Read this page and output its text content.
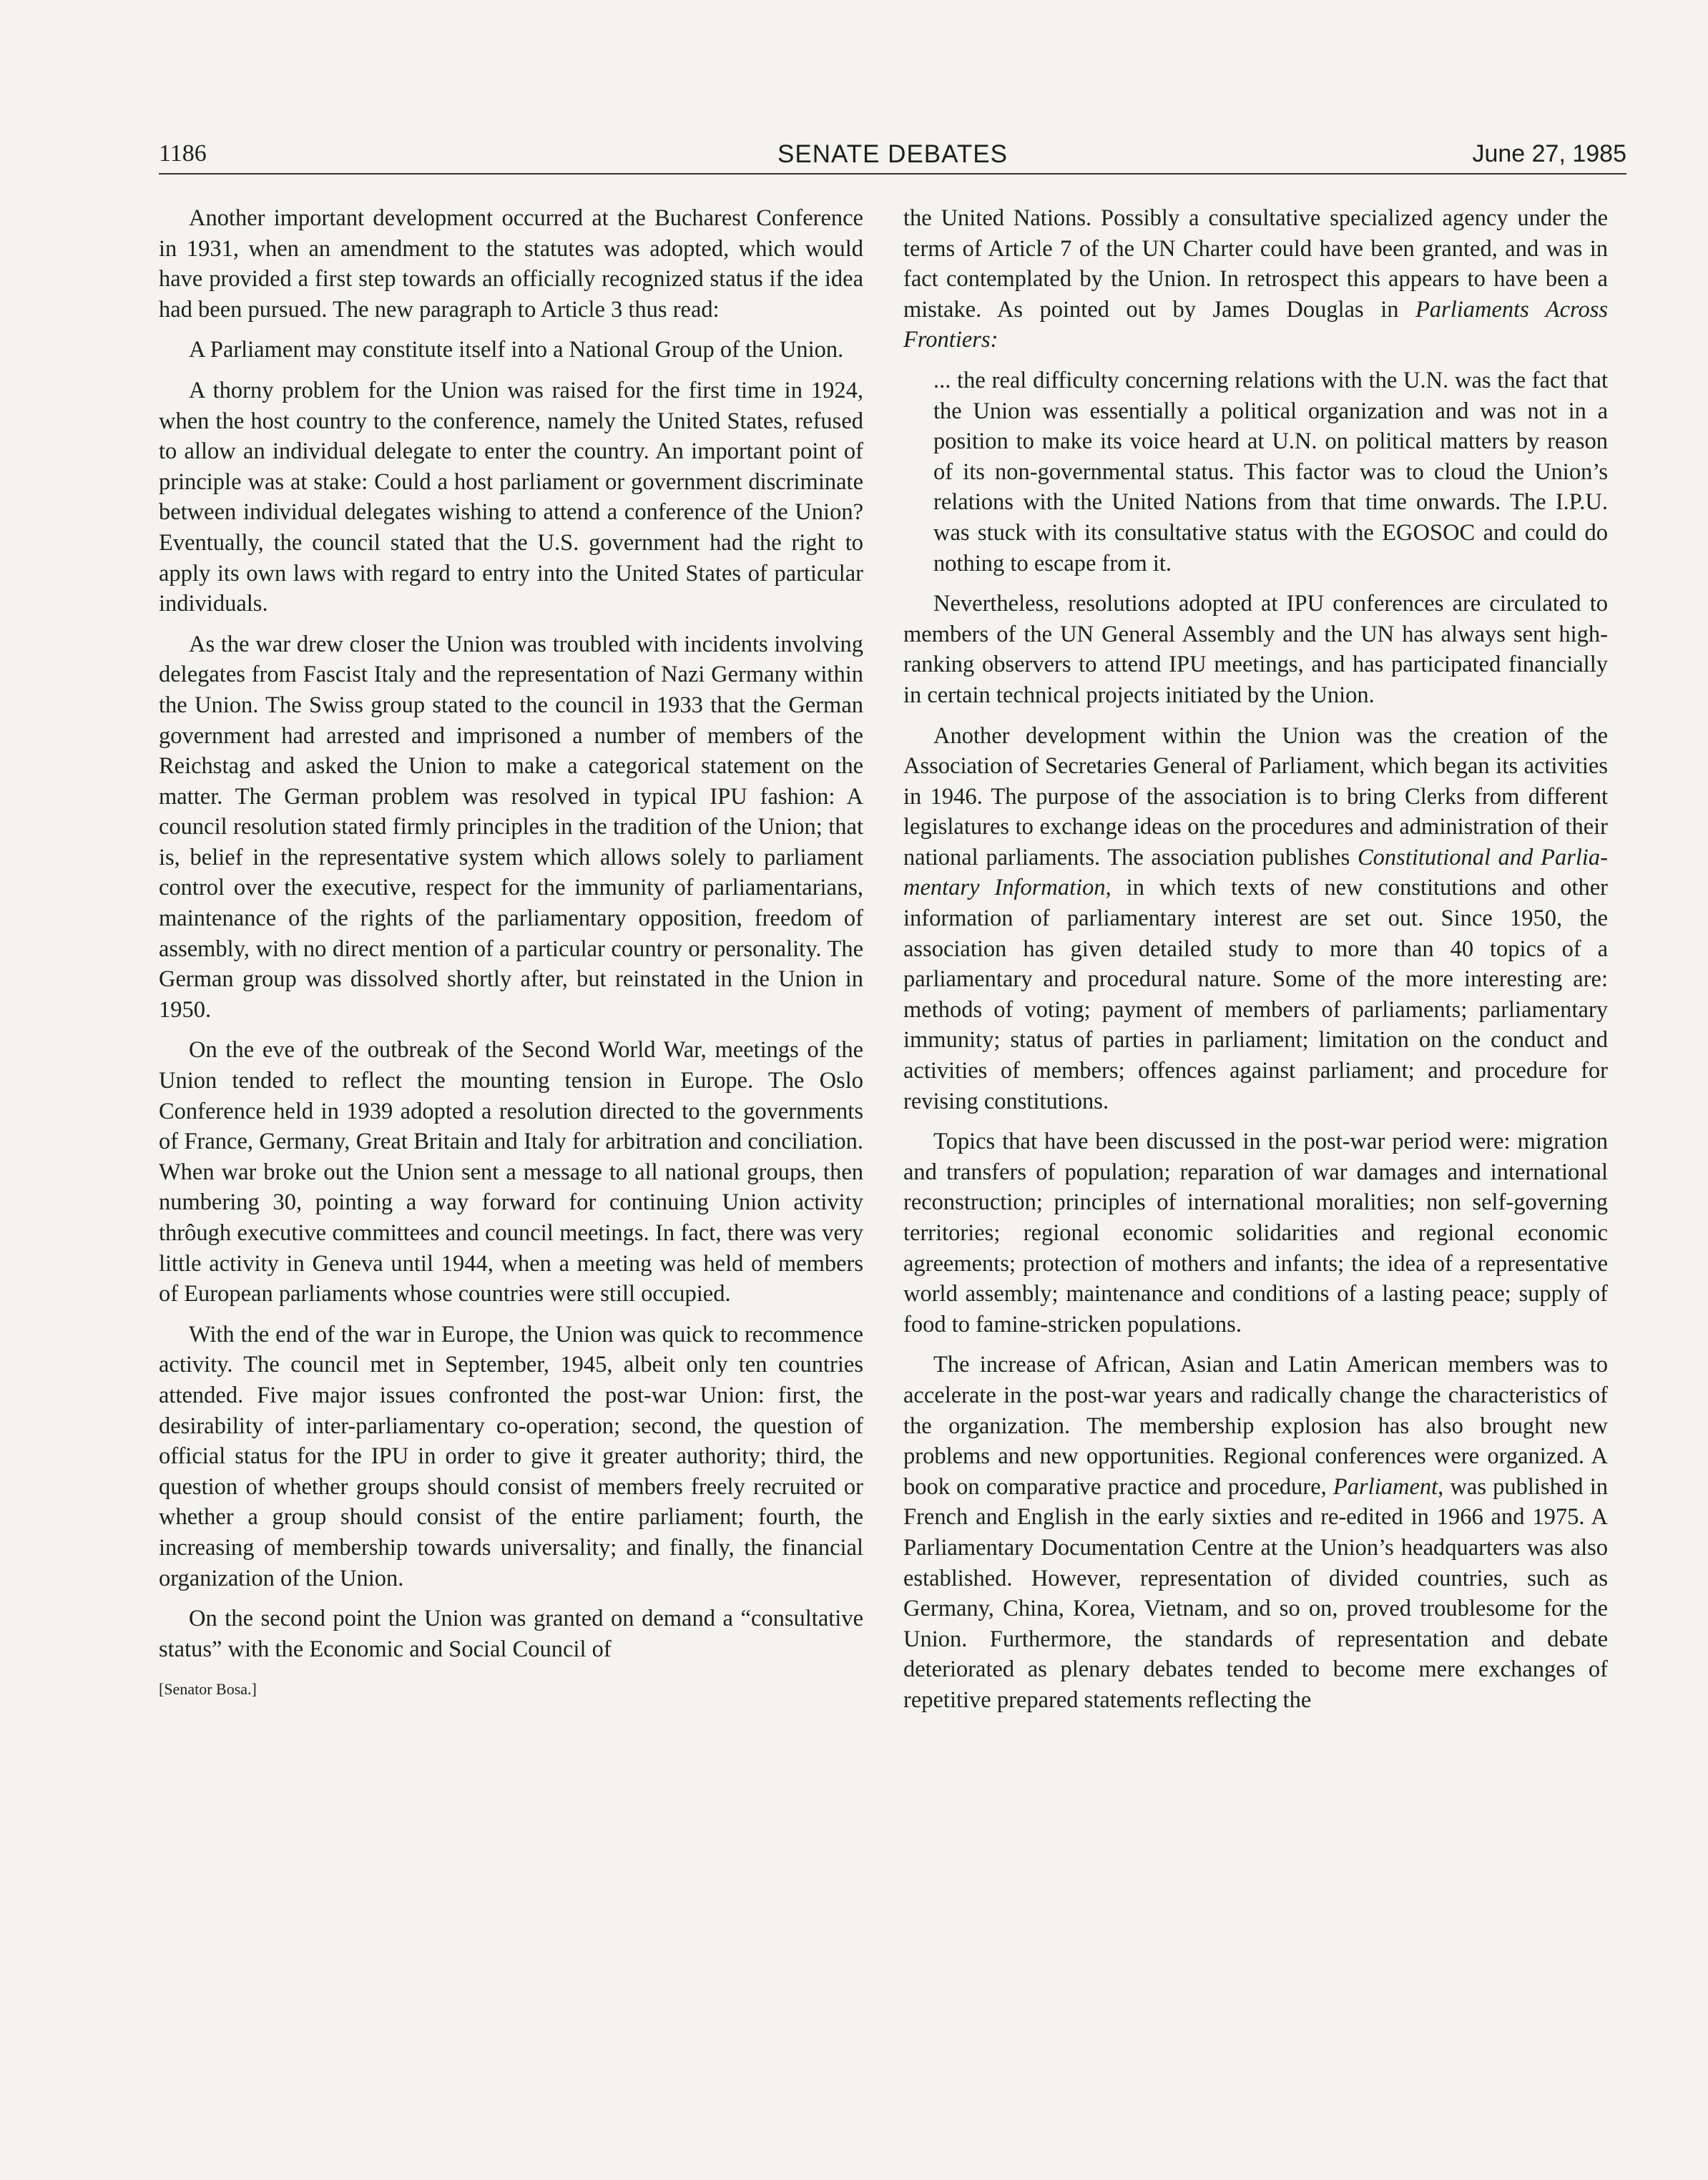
1186	SENATE DEBATES	June 27, 1985

Another important development occurred at the Bucharest Conference in 1931, when an amendment to the statutes was adopted, which would have provided a first step towards an officially recognized status if the idea had been pursued. The new paragraph to Article 3 thus read:

A Parliament may constitute itself into a National Group of the Union.

A thorny problem for the Union was raised for the first time in 1924, when the host country to the conference, namely the United States, refused to allow an individual delegate to enter the country. An important point of principle was at stake: Could a host parliament or government discriminate between individual delegates wishing to attend a conference of the Union? Eventually, the council stated that the U.S. government had the right to apply its own laws with regard to entry into the United States of particular individuals.

As the war drew closer the Union was troubled with incidents involving delegates from Fascist Italy and the representation of Nazi Germany within the Union. The Swiss group stated to the council in 1933 that the German government had arrested and imprisoned a number of members of the Reichstag and asked the Union to make a categorical statement on the matter. The German problem was resolved in typical IPU fashion: A council resolution stated firmly principles in the tradition of the Union; that is, belief in the representative system which allows solely to parliament control over the executive, respect for the immunity of parliamentarians, maintenance of the rights of the parliamentary opposition, freedom of assembly, with no direct mention of a particular country or personality. The German group was dissolved shortly after, but reinstated in the Union in 1950.

On the eve of the outbreak of the Second World War, meetings of the Union tended to reflect the mounting tension in Europe. The Oslo Conference held in 1939 adopted a resolution directed to the governments of France, Germany, Great Britain and Italy for arbitration and conciliation. When war broke out the Union sent a message to all national groups, then numbering 30, pointing a way forward for continuing Union activity thrôugh executive committees and council meetings. In fact, there was very little activity in Geneva until 1944, when a meeting was held of members of European parliaments whose countries were still occupied.

With the end of the war in Europe, the Union was quick to recommence activity. The council met in September, 1945, albeit only ten countries attended. Five major issues confronted the post-war Union: first, the desirability of inter-parliamentary co-operation; second, the question of official status for the IPU in order to give it greater authority; third, the question of whether groups should consist of members freely recruited or whether a group should consist of the entire parliament; fourth, the increasing of membership towards universality; and finally, the financial organization of the Union.

On the second point the Union was granted on demand a “consultative status” with the Economic and Social Council of

[Senator Bosa.]

the United Nations. Possibly a consultative specialized agency under the terms of Article 7 of the UN Charter could have been granted, and was in fact contemplated by the Union. In retrospect this appears to have been a mistake. As pointed out by James Douglas in Parliaments Across Frontiers:

... the real difficulty concerning relations with the U.N. was the fact that the Union was essentially a political organization and was not in a position to make its voice heard at U.N. on political matters by reason of its non-governmental status. This factor was to cloud the Union’s relations with the United Nations from that time onwards. The I.P.U. was stuck with its consultative status with the EGOSOC and could do nothing to escape from it.

Nevertheless, resolutions adopted at IPU conferences are circulated to members of the UN General Assembly and the UN has always sent high-ranking observers to attend IPU meetings, and has participated financially in certain technical projects initiated by the Union.

Another development within the Union was the creation of the Association of Secretaries General of Parliament, which began its activities in 1946. The purpose of the association is to bring Clerks from different legislatures to exchange ideas on the procedures and administration of their national parliaments. The association publishes Constitutional and Parliamentary Information, in which texts of new constitutions and other information of parliamentary interest are set out. Since 1950, the association has given detailed study to more than 40 topics of a parliamentary and procedural nature. Some of the more interesting are: methods of voting; payment of members of parliaments; parliamentary immunity; status of parties in parliament; limitation on the conduct and activities of members; offences against parliament; and procedure for revising constitutions.

Topics that have been discussed in the post-war period were: migration and transfers of population; reparation of war damages and international reconstruction; principles of international moralities; non self-governing territories; regional economic solidarities and regional economic agreements; protection of mothers and infants; the idea of a representative world assembly; maintenance and conditions of a lasting peace; supply of food to famine-stricken populations.

The increase of African, Asian and Latin American members was to accelerate in the post-war years and radically change the characteristics of the organization. The membership explosion has also brought new problems and new opportunities. Regional conferences were organized. A book on comparative practice and procedure, Parliament, was published in French and English in the early sixties and re-edited in 1966 and 1975. A Parliamentary Documentation Centre at the Union’s headquarters was also established. However, representation of divided countries, such as Germany, China, Korea, Vietnam, and so on, proved troublesome for the Union. Furthermore, the standards of representation and debate deteriorated as plenary debates tended to become mere exchanges of repetitive prepared statements reflecting the
